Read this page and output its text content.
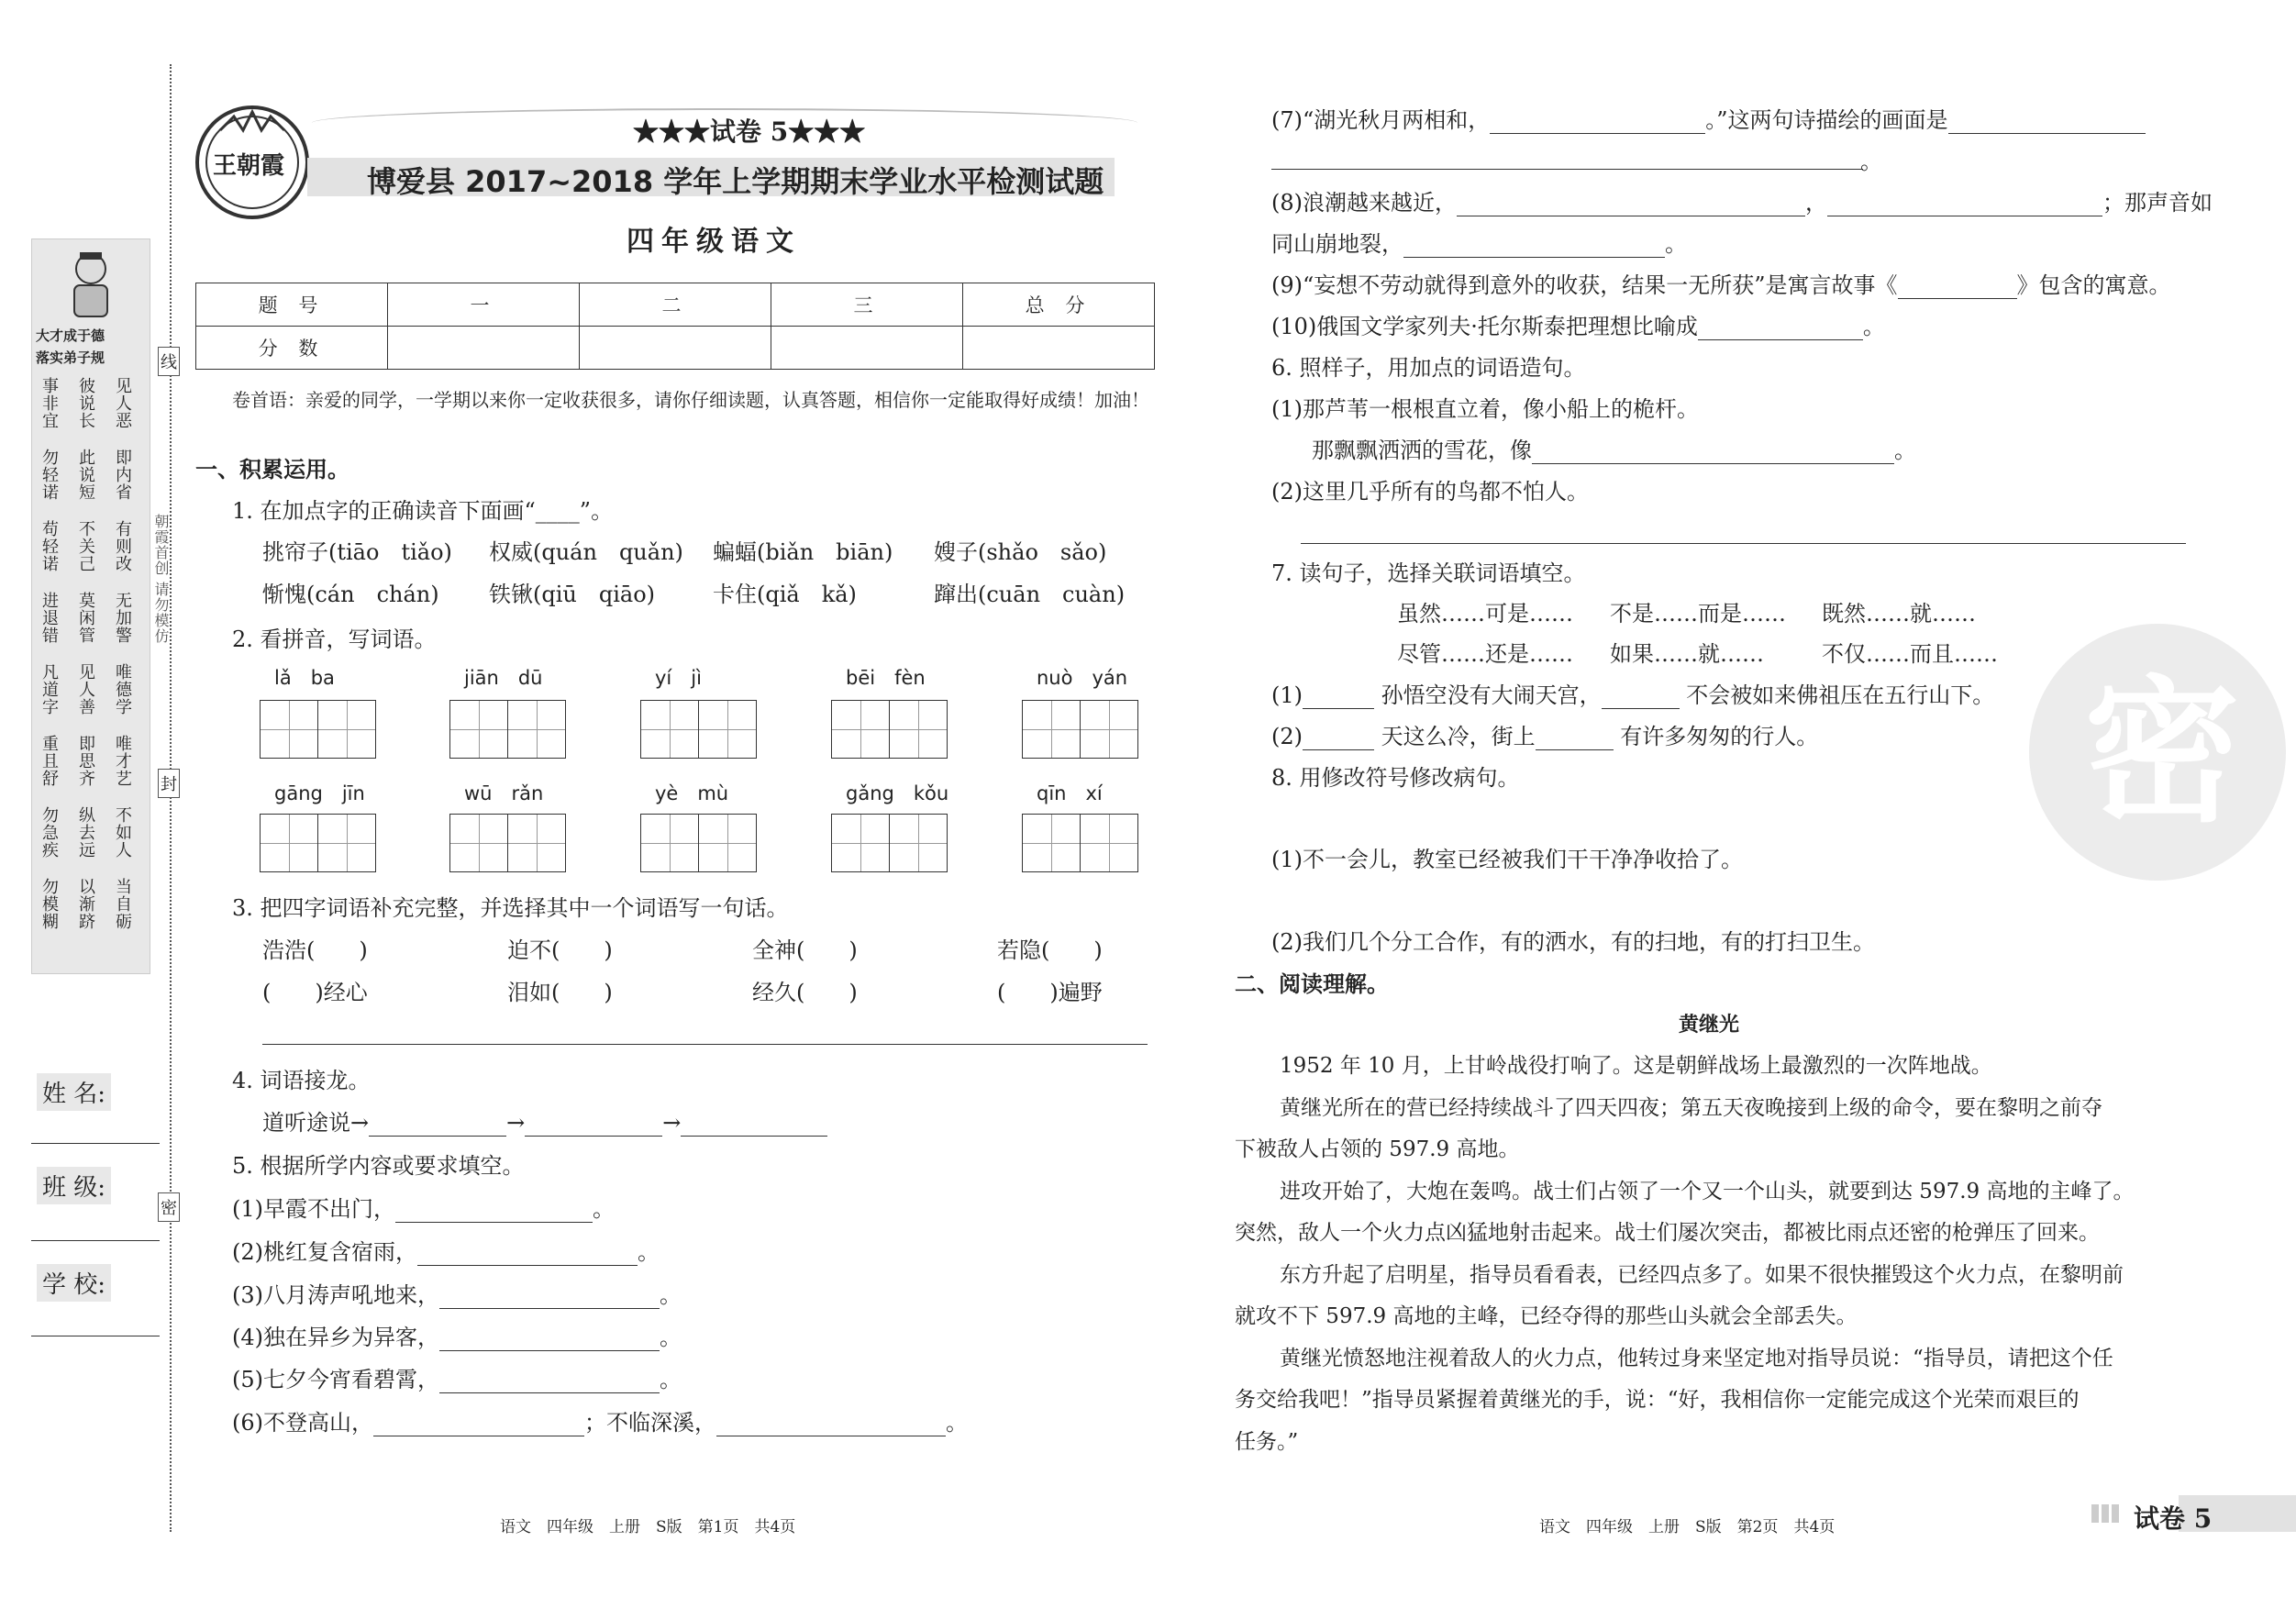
线
封
密
朝霞首创 请勿模仿
大才成于德
落实弟子规
见人恶
彼说长
事非宜
即内省
此说短
勿轻诺
有则改
不关己
苟轻诺
无加警
莫闲管
进退错
唯德学
见人善
凡道字
唯才艺
即思齐
重且舒
不如人
纵去远
勿急疾
当自砺
以渐跻
勿模糊
姓 名:
班 级:
学 校:
王朝霞
★★★试卷 5★★★
博爱县 2017~2018 学年上学期期末学业水平检测试题
四年级语文
题 号	一	二	三	总 分
分 数				
卷首语：亲爱的同学，一学期以来你一定收获很多，请你仔细读题，认真答题，相信你一定能取得好成绩！加油！
一、积累运用。
1. 在加点字的正确读音下面画“____”。
挑帘子(tiāo　tiǎo) 权威(quán　quǎn) 蝙蝠(biǎn　biān) 嫂子(shǎo　sǎo)
惭愧(cán　chán) 铁锹(qiū　qiāo)	卡住(qiǎ　kǎ)	蹿出(cuān　cuàn)
2. 看拼音，写词语。
lǎ　ba	jiān　dū	yí　jì	bēi　fèn	nuò　yán
gāng　jīn	wū　rǎn	yè　mù	gǎng　kǒu	qīn　xí
3. 把四字词语补充完整，并选择其中一个词语写一句话。
浩浩(　　)	迫不(　　)	全神(　　)	若隐(　　)
(　　)经心	泪如(　　)	经久(　　)	(　　)遍野
4. 词语接龙。
道听途说→	→	→
5. 根据所学内容或要求填空。
(1)早霞不出门，	。
(2)桃红复含宿雨，	。
(3)八月涛声吼地来，	。
(4)独在异乡为异客，	。
(5)七夕今宵看碧霄，	。
(6)不登高山，	；不临深溪，	。
语文　四年级　上册　S版　第1页　共4页
密
(7)“湖光秋月两相和，	。”这两句诗描绘的画面是
。
(8)浪潮越来越近，	，	；那声音如
同山崩地裂，	。
(9)“妄想不劳动就得到意外的收获，结果一无所获”是寓言故事《	》包含的寓意。
(10)俄国文学家列夫·托尔斯泰把理想比喻成	。
6. 照样子，用加点的词语造句。
(1)那芦苇一根根直立着，像小船上的桅杆。
那飘飘洒洒的雪花，像	。
(2)这里几乎所有的鸟都不怕人。
7. 读句子，选择关联词语填空。
虽然……可是…… 不是……而是…… 既然……就……
尽管……还是…… 如果……就……	不仅……而且……
(1)	孙悟空没有大闹天宫，	不会被如来佛祖压在五行山下。
(2)	天这么冷，街上	有许多匆匆的行人。
8. 用修改符号修改病句。
(1)不一会儿，教室已经被我们干干净净收拾了。
(2)我们几个分工合作，有的洒水，有的扫地，有的打扫卫生。
二、阅读理解。
黄继光
1952 年 10 月，上甘岭战役打响了。这是朝鲜战场上最激烈的一次阵地战。
黄继光所在的营已经持续战斗了四天四夜；第五天夜晚接到上级的命令，要在黎明之前夺
下被敌人占领的 597.9 高地。
进攻开始了，大炮在轰鸣。战士们占领了一个又一个山头，就要到达 597.9 高地的主峰了。
突然，敌人一个火力点凶猛地射击起来。战士们屡次突击，都被比雨点还密的枪弹压了回来。
东方升起了启明星，指导员看看表，已经四点多了。如果不很快摧毁这个火力点，在黎明前
就攻不下 597.9 高地的主峰，已经夺得的那些山头就会全部丢失。
黄继光愤怒地注视着敌人的火力点，他转过身来坚定地对指导员说：“指导员，请把这个任
务交给我吧！”指导员紧握着黄继光的手，说：“好，我相信你一定能完成这个光荣而艰巨的
任务。”
语文　四年级　上册　S版　第2页　共4页	试卷 5
